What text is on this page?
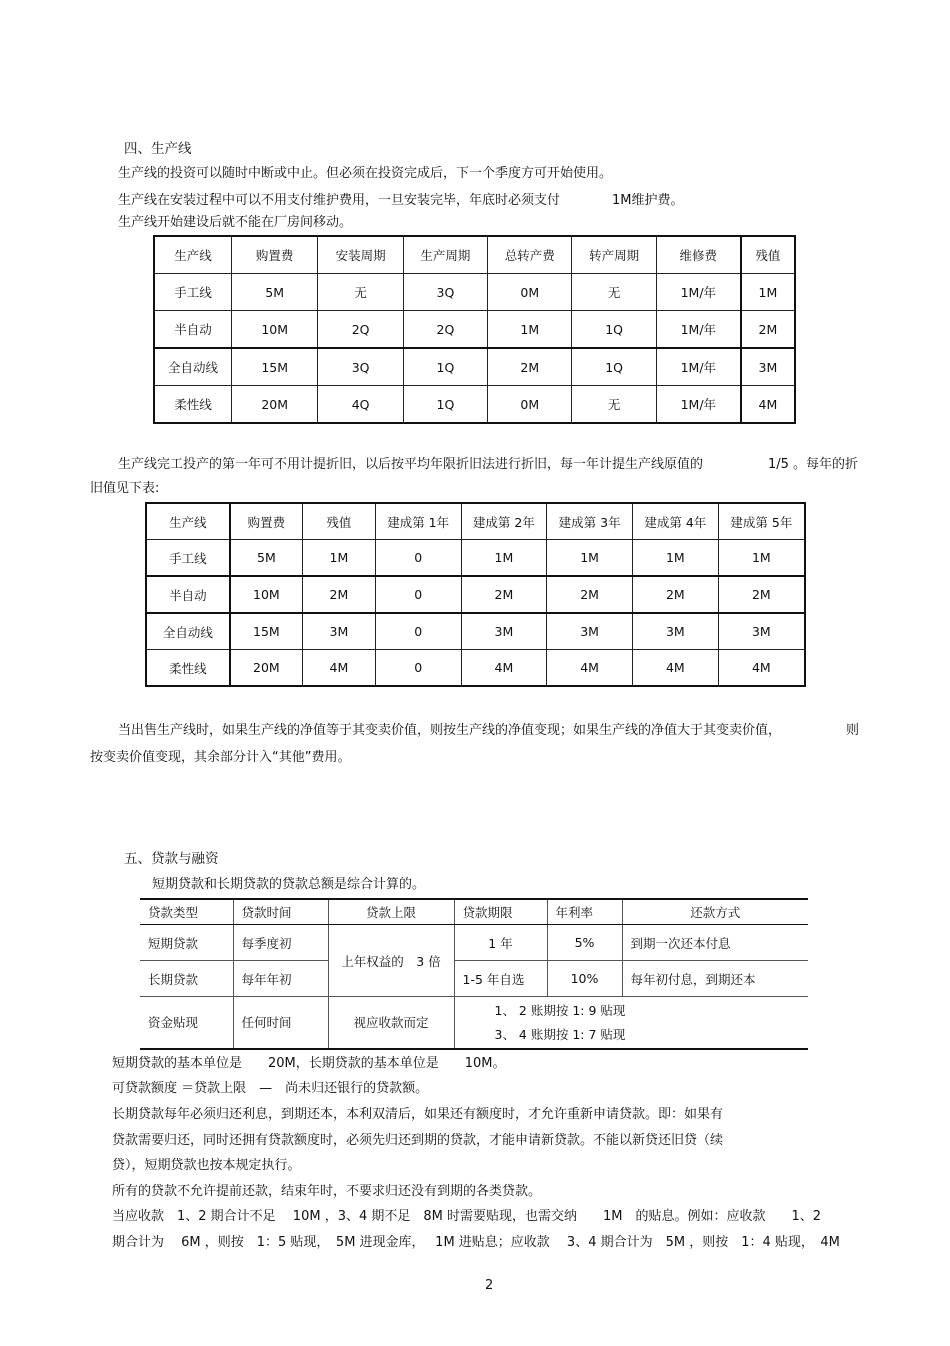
四、生产线
生产线的投资可以随时中断或中止。但必须在投资完成后，下一个季度方可开始使用。
生产线在安装过程中可以不用支付维护费用，一旦安装完毕，年底时必须支付　　　　1M维护费。
生产线开始建设后就不能在厂房间移动。
生产线	购置费	安装周期	生产周期	总转产费	转产周期	维修费	残值
手工线	5M	无	3Q	0M	无	1M/年	1M
半自动	10M	2Q	2Q	1M	1Q	1M/年	2M
全自动线	15M	3Q	1Q	2M	1Q	1M/年	3M
柔性线	20M	4Q	1Q	0M	无	1M/年	4M
生产线完工投产的第一年可不用计提折旧，以后按平均年限折旧法进行折旧，每一年计提生产线原值的　　　　　1/5 。每年的折
旧值见下表:
生产线	购置费	残值	建成第 1年	建成第 2年	建成第 3年	建成第 4年	建成第 5年
手工线	5M	1M	0	1M	1M	1M	1M
半自动	10M	2M	0	2M	2M	2M	2M
全自动线	15M	3M	0	3M	3M	3M	3M
柔性线	20M	4M	0	4M	4M	4M	4M
当出售生产线时，如果生产线的净值等于其变卖价值，则按生产线的净值变现；如果生产线的净值大于其变卖价值，	则
按变卖价值变现，其余部分计入“其他”费用。
五、贷款与融资
短期贷款和长期贷款的贷款总额是综合计算的。
贷款类型	贷款时间	贷款上限	贷款期限	年利率	还款方式
短期贷款	每季度初	上年权益的　3 倍	1 年	5%	到期一次还本付息
长期贷款	每年年初		1-5 年自选	10%	每年初付息，到期还本
资金贴现	任何时间	视应收款而定	1、 2 账期按 1: 9 贴现
3、 4 账期按 1: 7 贴现		
短期贷款的基本单位是　　20M，长期贷款的基本单位是　　10M。
可贷款额度 ＝贷款上限　—　尚未归还银行的贷款额。
长期贷款每年必须归还利息，到期还本，本利双清后，如果还有额度时，才允许重新申请贷款。即：如果有
贷款需要归还，同时还拥有贷款额度时，必须先归还到期的贷款，才能申请新贷款。不能以新贷还旧贷（续
贷），短期贷款也按本规定执行。
所有的贷款不允许提前还款，结束年时，不要求归还没有到期的各类贷款。
当应收款　1、2 期合计不足　 10M ，3、4 期不足　8M 时需要贴现，也需交纳　　1M　的贴息。例如：应收款　　1、2
期合计为　 6M ，则按　1：5 贴现，　5M 进现金库，　 1M 进贴息；应收款　 3、4 期合计为　5M ，则按　1：4 贴现，　4M
2
